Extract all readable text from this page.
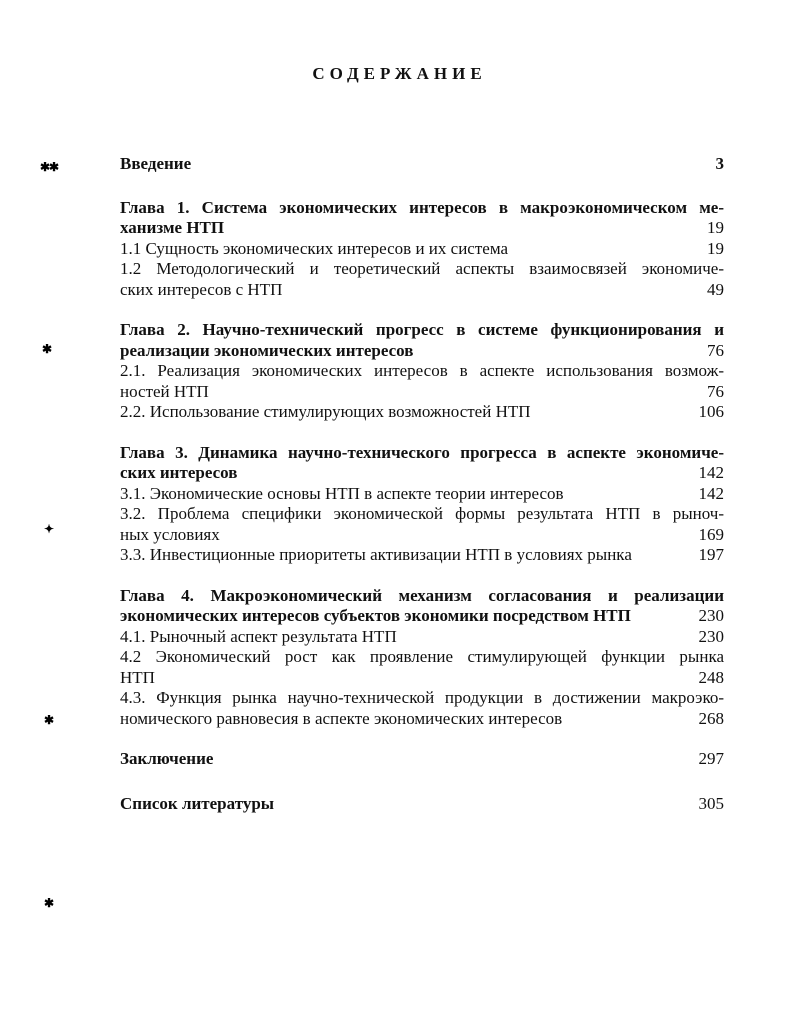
СОДЕРЖАНИЕ
✱✱
✱
✦
✱
✱
Введение	3
Глава 1. Система экономических интересов в макроэкономическом ме-
ханизме НТП	19
1.1 Сущность экономических интересов и их система	19
1.2 Методологический и теоретический аспекты взаимосвязей экономиче-
ских интересов с НТП	49
Глава 2. Научно-технический прогресс в системе функционирования и
реализации экономических интересов	76
2.1. Реализация экономических интересов в аспекте использования возмож-
ностей НТП	76
2.2. Использование стимулирующих возможностей НТП	106
Глава 3. Динамика научно-технического прогресса в аспекте экономиче-
ских интересов	142
3.1. Экономические основы НТП в аспекте теории интересов	142
3.2. Проблема специфики экономической формы результата НТП в рыноч-
ных условиях	169
3.3. Инвестиционные приоритеты активизации НТП в условиях рынка	197
Глава 4. Макроэкономический механизм согласования и реализации
экономических интересов субъектов экономики посредством НТП	230
4.1. Рыночный аспект результата НТП	230
4.2 Экономический рост как проявление стимулирующей функции рынка
НТП	248
4.3. Функция рынка научно-технической продукции в достижении макроэко-
номического равновесия в аспекте экономических интересов	268
Заключение	297
Список литературы	305
